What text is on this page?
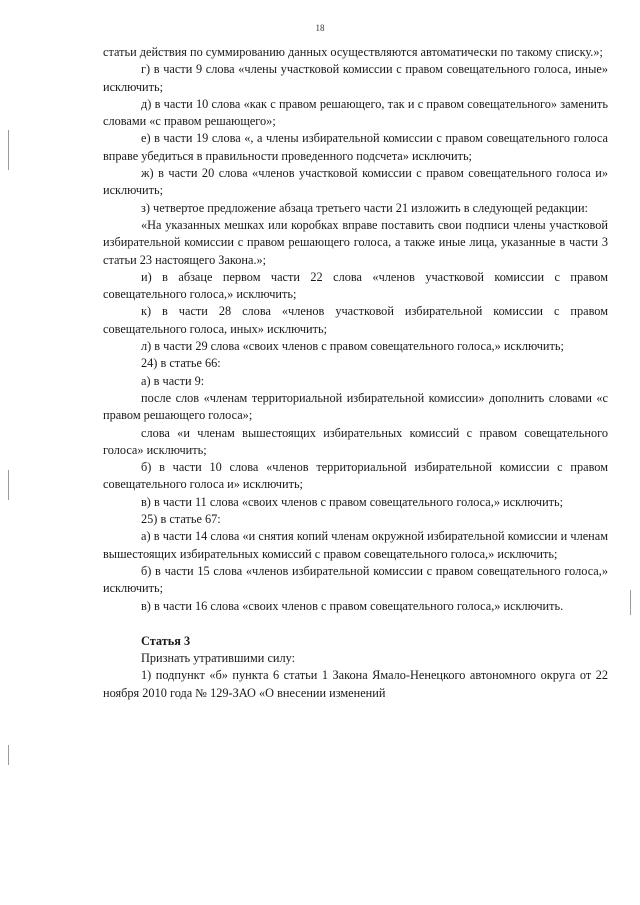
18

статьи действия по суммированию данных осуществляются автоматически по такому списку.»;

г) в части 9 слова «члены участковой комиссии с правом совещательного голоса, иные» исключить;

д) в части 10 слова «как с правом решающего, так и с правом совещательного» заменить словами «с правом решающего»;

е) в части 19 слова «, а члены избирательной комиссии с правом совещательного голоса вправе убедиться в правильности проведенного подсчета» исключить;

ж) в части 20 слова «членов участковой комиссии с правом совещательного голоса и» исключить;

з) четвертое предложение абзаца третьего части 21 изложить в следующей редакции:

«На указанных мешках или коробках вправе поставить свои подписи члены участковой избирательной комиссии с правом решающего голоса, а также иные лица, указанные в части 3 статьи 23 настоящего Закона.»;

и) в абзаце первом части 22 слова «членов участковой комиссии с правом совещательного голоса,» исключить;

к) в части 28 слова «членов участковой избирательной комиссии с правом совещательного голоса, иных» исключить;

л) в части 29 слова «своих членов с правом совещательного голоса,» исключить;

24) в статье 66:

а) в части 9:

после слов «членам территориальной избирательной комиссии» дополнить словами «с правом решающего голоса»;

слова «и членам вышестоящих избирательных комиссий с правом совещательного голоса» исключить;

б) в части 10 слова «членов территориальной избирательной комиссии с правом совещательного голоса и» исключить;

в) в части 11 слова «своих членов с правом совещательного голоса,» исключить;

25) в статье 67:

а) в части 14 слова «и снятия копий членам окружной избирательной комиссии и членам вышестоящих избирательных комиссий с правом совещательного голоса,» исключить;

б) в части 15 слова «членов избирательной комиссии с правом совещательного голоса,» исключить;

в) в части 16 слова «своих членов с правом совещательного голоса,» исключить.

Статья 3

Признать утратившими силу:

1) подпункт «б» пункта 6 статьи 1 Закона Ямало-Ненецкого автономного округа от 22 ноября 2010 года № 129-ЗАО «О внесении изменений
